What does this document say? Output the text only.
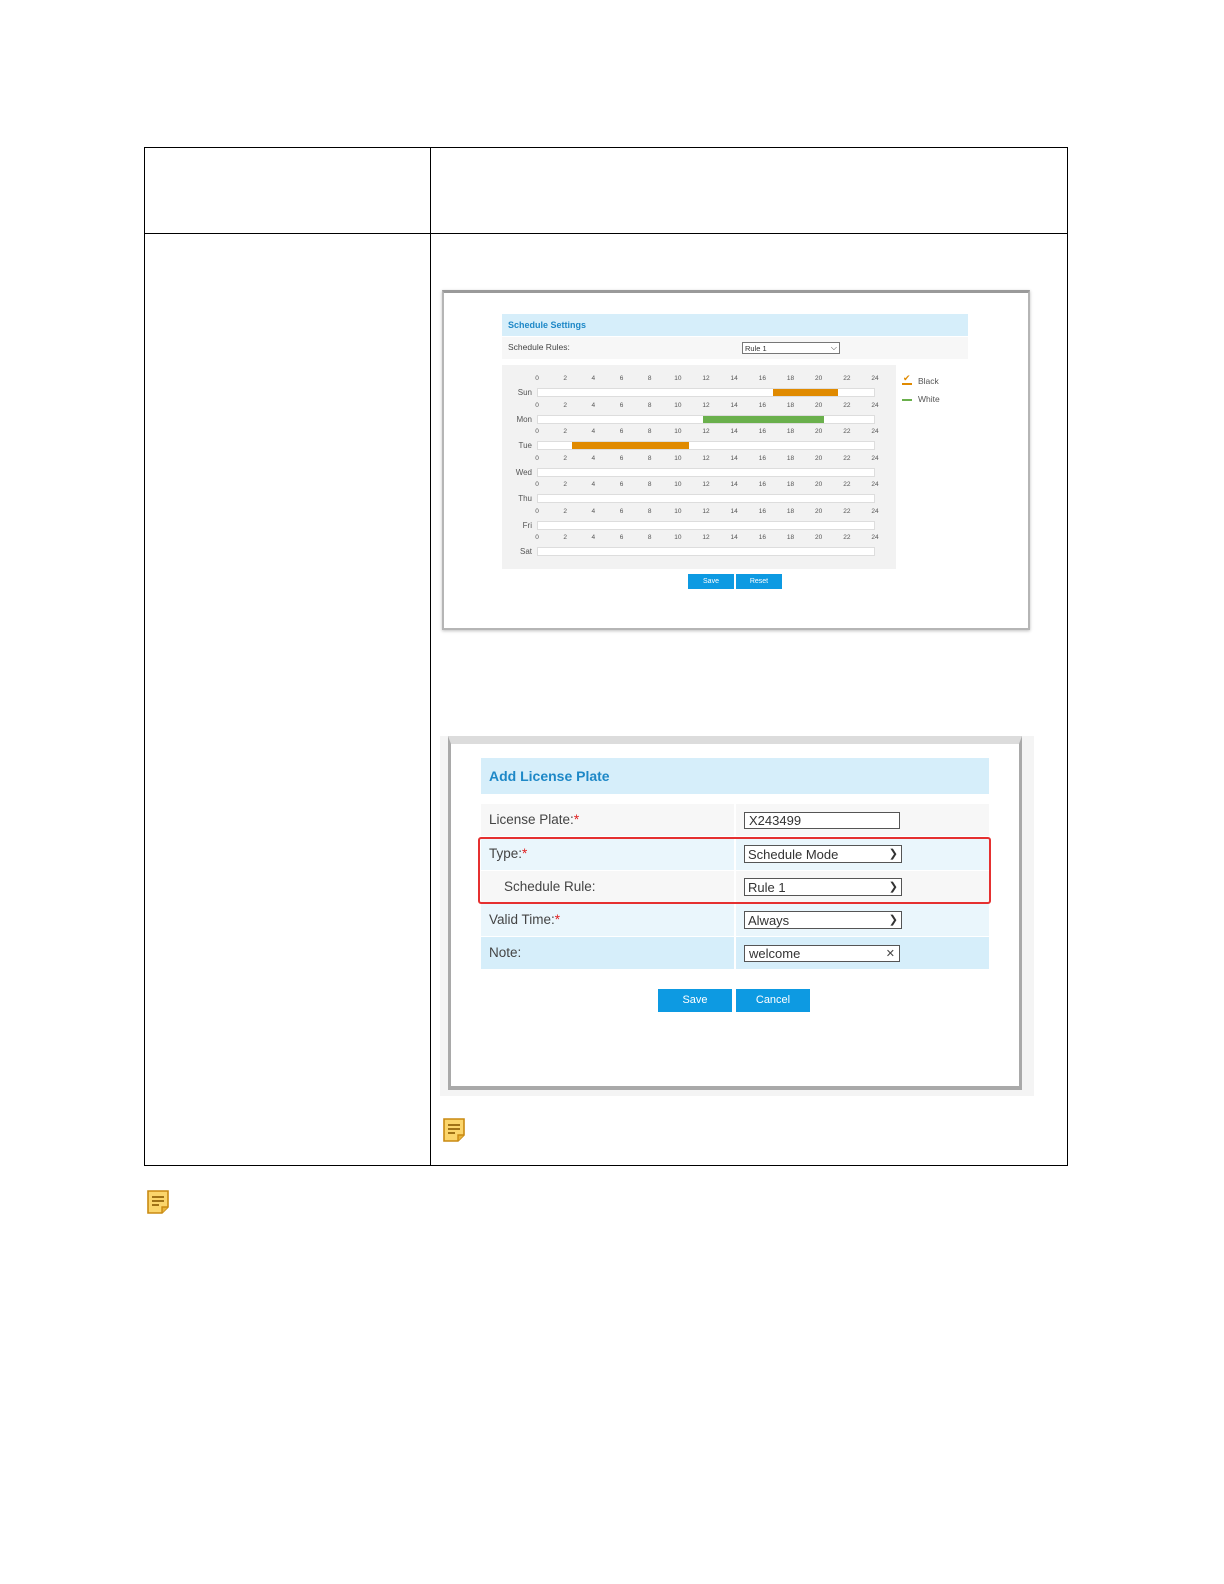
Schedule Settings
Schedule Rules:	Rule 1	⌵
Sun
0	2	4	6	8	10	12	14	16	18	20	22	24
Mon
0	2	4	6	8	10	12	14	16	18	20	22	24
Tue
0	2	4	6	8	10	12	14	16	18	20	22	24
Wed
0	2	4	6	8	10	12	14	16	18	20	22	24
Thu
0	2	4	6	8	10	12	14	16	18	20	22	24
Fri
0	2	4	6	8	10	12	14	16	18	20	22	24
Sat
0	2	4	6	8	10	12	14	16	18	20	22	24
✔ Black
White
Save	Reset
Add License Plate
License Plate:*	X243499
Type:*	Schedule Mode	❯
Schedule Rule:	Rule 1	❯
Valid Time:*	Always	❯
Note:	welcome	✕
Save	Cancel
